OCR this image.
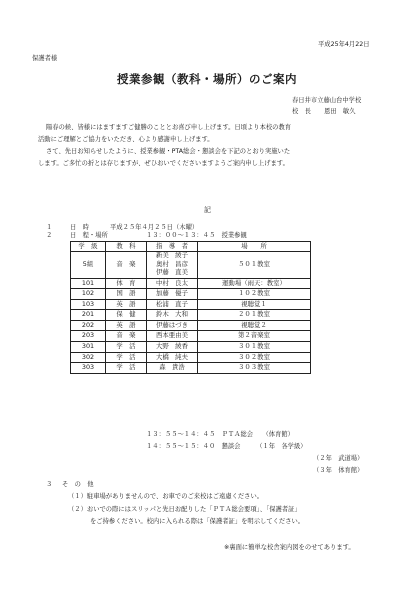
平成25年4月22日
保護者様
授業参観（教科・場所）のご案内
春日井市立藤山台中学校
校　長 恩田　敏久
陽春の候、皆様にはますますご健勝のこととお喜び申し上げます。日頃より本校の教育
活動にご理解とご協力をいただき、心より感謝申し上げます。
さて、先日お知らせしたように、授業参観・PTA総会・懇談会を下記のとおり実施いた
します。ご多忙の折とは存じますが、ぜひおいでくださいますようご案内申し上げます。
記
１	日　時	平成２５年４月２５日（木曜）
２	日　程・場所	１３：００～１３：４５　授業参観
学　級	教　科	指　導　者	場　　所
5組	音　楽	新美　綾子
奥村　昌彦
伊藤　直美	５０１教室
101	体　育	中村　良太	運動場（雨天：教室）
102	国　語	加藤　優子	１０２教室
103	英　語	松浦　直子	視聴覚１
201	保　健	鈴木　大和	２０１教室
202	英　語	伊藤はづき	視聴覚２
203	音　楽	西本亜由美	第２音楽室
301	学　活	大野　綾香	３０１教室
302	学　活	大橋　純夫	３０２教室
303	学　活	森　貴浩	３０３教室
１３：５５～１４：４５　ＰＴＡ総会　　（体育館）
１４：５５～１５：４０　懇談会　　　（１年　各学級）
（２年　武道場）
（３年　体育館）
３ そ　の　他
（１）駐車場がありませんので、お車でのご来校はご遠慮ください。
（２）おいでの際にはスリッパと先日お配りした「ＰＴＡ総会要項」、「保護者証」
をご持参ください。校内に入られる際は「保護者証」を明示してください。
※裏面に簡単な校舎案内図をのせてあります。
